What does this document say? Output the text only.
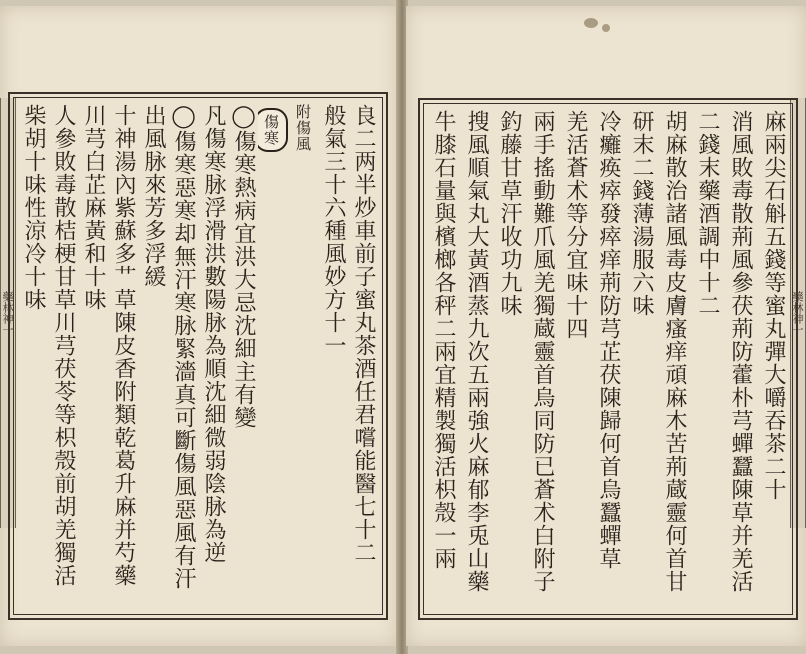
藥林神一	良二两半炒車前子蜜丸茶酒任君嚐能醫七十二
般氣三十六種風妙方十一
附傷風
傷寒
◯傷寒熱病宜洪大忌沈細主有變
凡傷寒脉浮滑洪數陽脉為順沈細微弱陰脉為逆
◯傷寒惡寒却無汗寒脉緊濇真可斷傷風惡風有汗
出風脉來芳多浮緩
十神湯內紫蘇多艹草陳皮香附類乾葛升麻并芍藥
川芎白芷麻黃和十味
人參敗毒散桔梗甘草川芎茯苓等枳殼前胡羌獨活
柴胡十味性涼冷十味
藥林神一
麻兩尖石斛五錢等蜜丸彈大嚼吞茶二十
消風敗毒散荊風參茯荊防藿朴芎蟬蠶陳草并羌活
二錢末藥酒調中十二
胡麻散治諸風毒皮膚瘙痒頑麻木苦荊蔵靈何首甘
研末二錢薄湯服六味
冷癱痪瘁發瘁痒荊防芎芷茯陳歸何首烏蠶蟬草
羌活蒼术等分宜味十四
兩手搖動難爪風羌獨蔵靈首烏同防已蒼术白附子
釣藤甘草汗收功九味
搜風順氣丸大黃酒蒸九次五兩強火麻郁李兎山藥
牛膝石量與檳榔各秤二兩宜精製獨活枳殼一兩
